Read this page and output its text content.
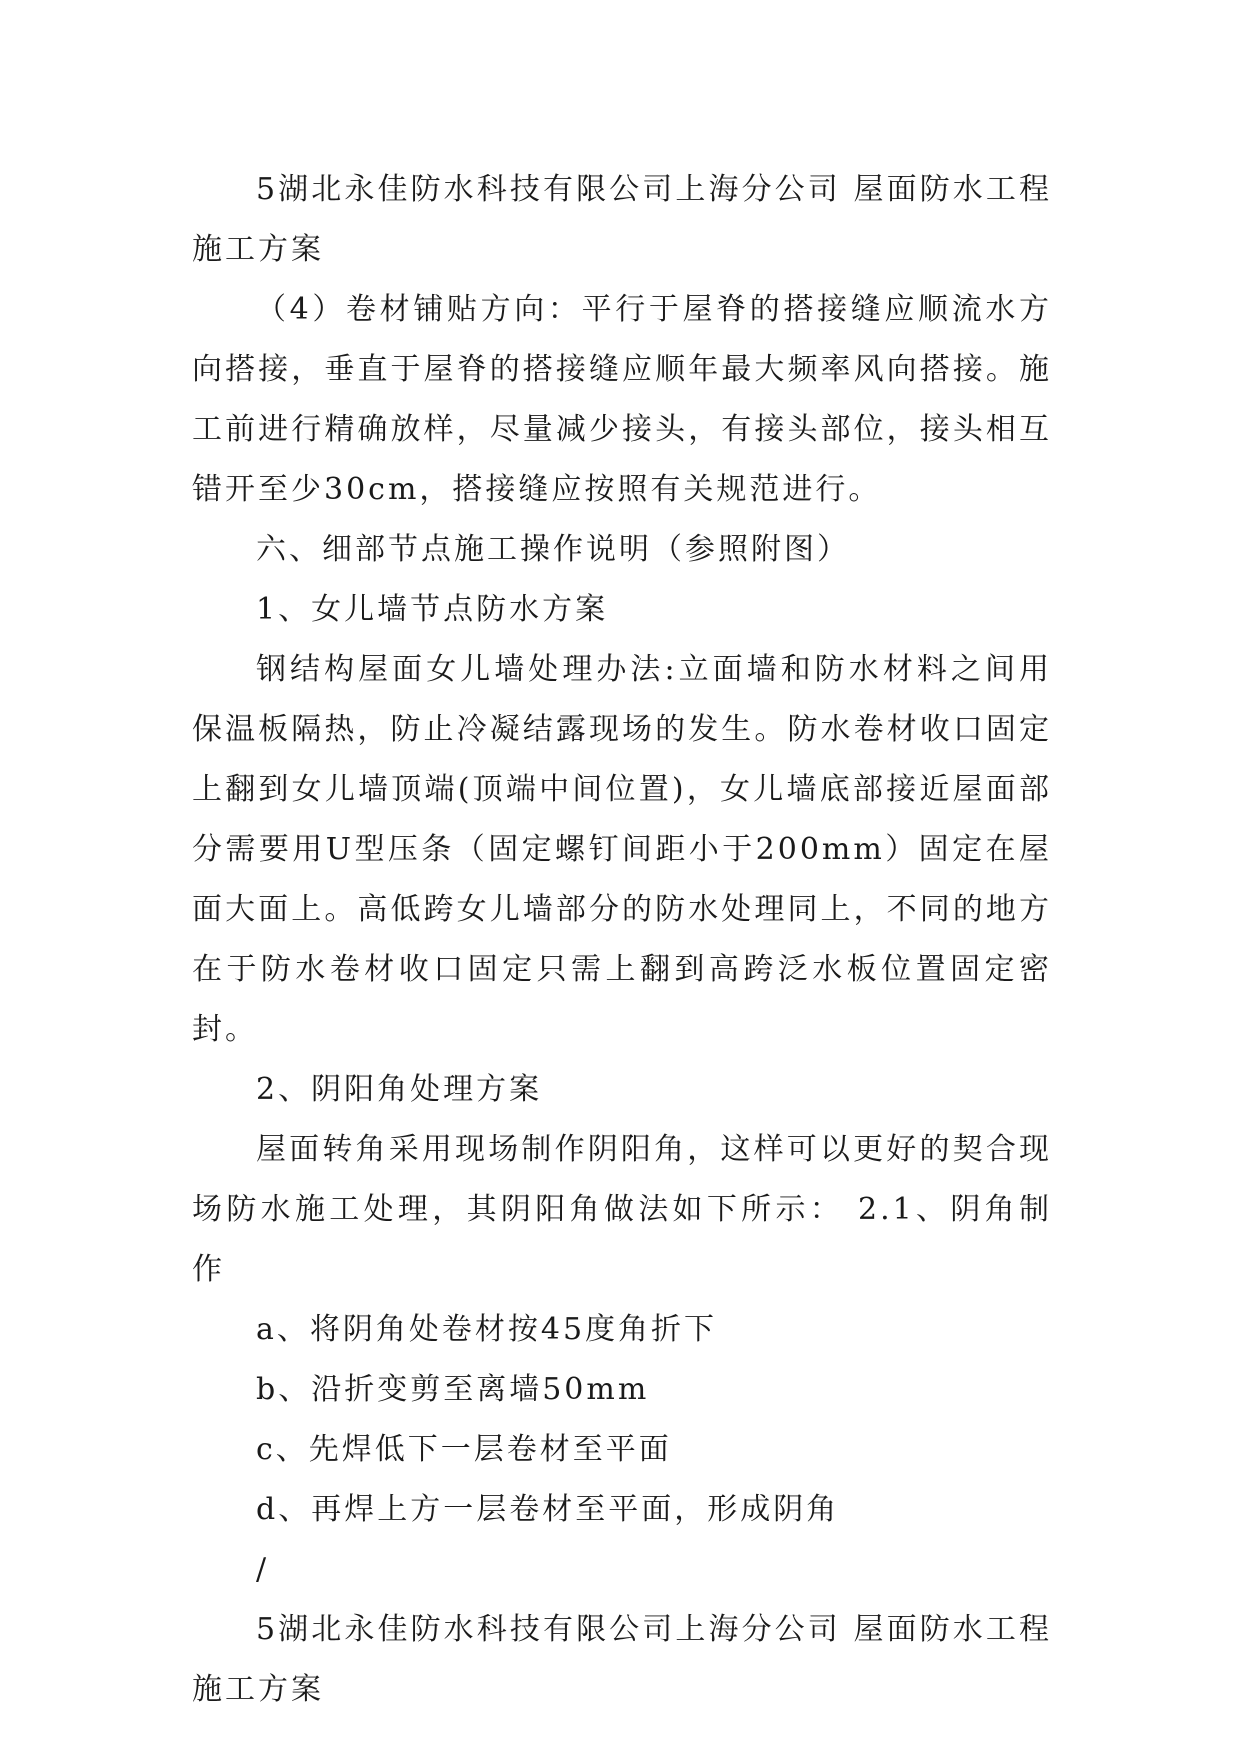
5湖北永佳防水科技有限公司上海分公司 屋面防水工程施工方案

（4）卷材铺贴方向：平行于屋脊的搭接缝应顺流水方向搭接，垂直于屋脊的搭接缝应顺年最大频率风向搭接。施工前进行精确放样，尽量减少接头，有接头部位，接头相互错开至少30cm，搭接缝应按照有关规范进行。

六、细部节点施工操作说明（参照附图）

1、女儿墙节点防水方案

钢结构屋面女儿墙处理办法:立面墙和防水材料之间用保温板隔热，防止冷凝结露现场的发生。防水卷材收口固定上翻到女儿墙顶端(顶端中间位置)，女儿墙底部接近屋面部分需要用U型压条（固定螺钉间距小于200mm）固定在屋面大面上。高低跨女儿墙部分的防水处理同上，不同的地方在于防水卷材收口固定只需上翻到高跨泛水板位置固定密封。

2、阴阳角处理方案

屋面转角采用现场制作阴阳角，这样可以更好的契合现场防水施工处理，其阴阳角做法如下所示： 2.1、阴角制作

a、将阴角处卷材按45度角折下

b、沿折变剪至离墙50mm

c、先焊低下一层卷材至平面

d、再焊上方一层卷材至平面，形成阴角

/

5湖北永佳防水科技有限公司上海分公司 屋面防水工程施工方案
